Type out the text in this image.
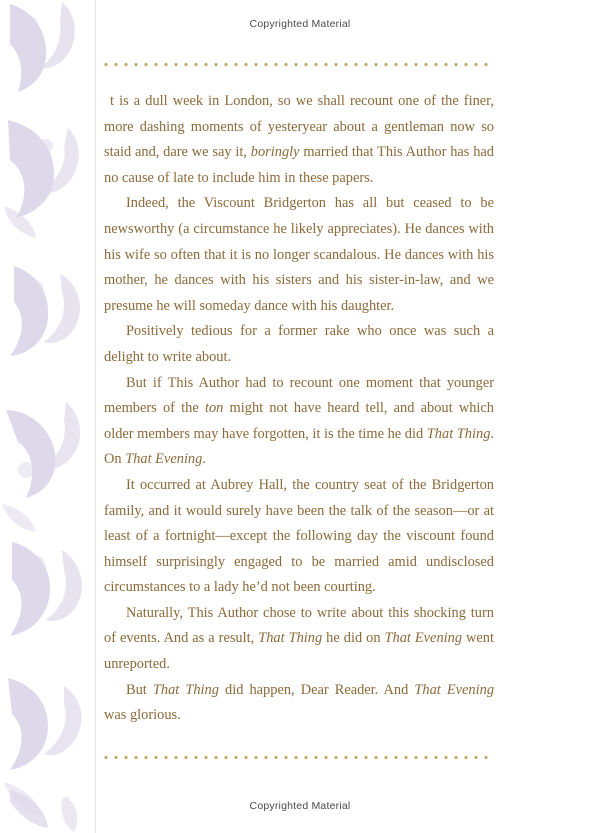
Copyrighted Material

t is a dull week in London, so we shall recount one of the finer, more dashing moments of yesteryear about a gentleman now so staid and, dare we say it, boringly married that This Author has had no cause of late to include him in these papers.

Indeed, the Viscount Bridgerton has all but ceased to be newsworthy (a circumstance he likely appreciates). He dances with his wife so often that it is no longer scandalous. He dances with his mother, he dances with his sisters and his sister-in-law, and we presume he will someday dance with his daughter.

Positively tedious for a former rake who once was such a delight to write about.

But if This Author had to recount one moment that younger members of the ton might not have heard tell, and about which older members may have forgotten, it is the time he did That Thing. On That Evening.

It occurred at Aubrey Hall, the country seat of the Bridgerton family, and it would surely have been the talk of the season—or at least of a fortnight—except the following day the viscount found himself surprisingly engaged to be married amid undisclosed circumstances to a lady he’d not been courting.

Naturally, This Author chose to write about this shocking turn of events. And as a result, That Thing he did on That Evening went unreported.

But That Thing did happen, Dear Reader. And That Evening was glorious.

Copyrighted Material
